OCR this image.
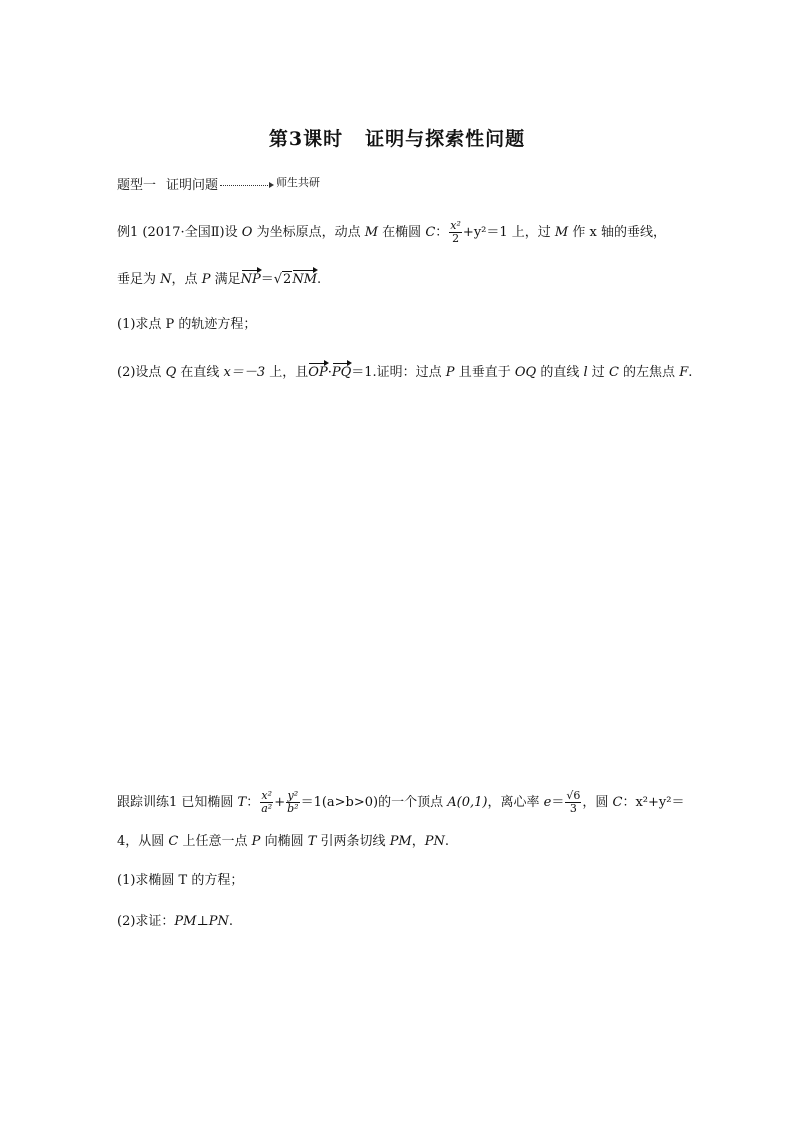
第3课时 证明与探索性问题
题型一 证明问题	$^{师生共研}$
例1 (2017·全国Ⅱ)设 O 为坐标原点，动点 M 在椭圆 C： $\frac{\text{x²}}{2} +y^2=1$ 上，过 M 作 x 轴的垂线，
垂足为 N，点 P 满足NP＝√2NM.
(1)求点 P 的轨迹方程；
(2)设点 Q 在直线 x＝－3 上，且OP·PQ＝1.证明：过点 P 且垂直于 OQ 的直线 l 过 C 的左焦点 F.
跟踪训练1 已知椭圆 T： $\frac{\text{x²}}{\text{a²}} + \frac{\text{y²}}{\text{b²}} =1(a>b>0)$的一个顶点 A(0,1)，离心率 $e= \frac{√6}{3}$ ，圆 C：x²+y²＝
4，从圆 C 上任意一点 P 向椭圆 T 引两条切线 PM，PN.
(1)求椭圆 T 的方程；
(2)求证：PM⊥PN.
